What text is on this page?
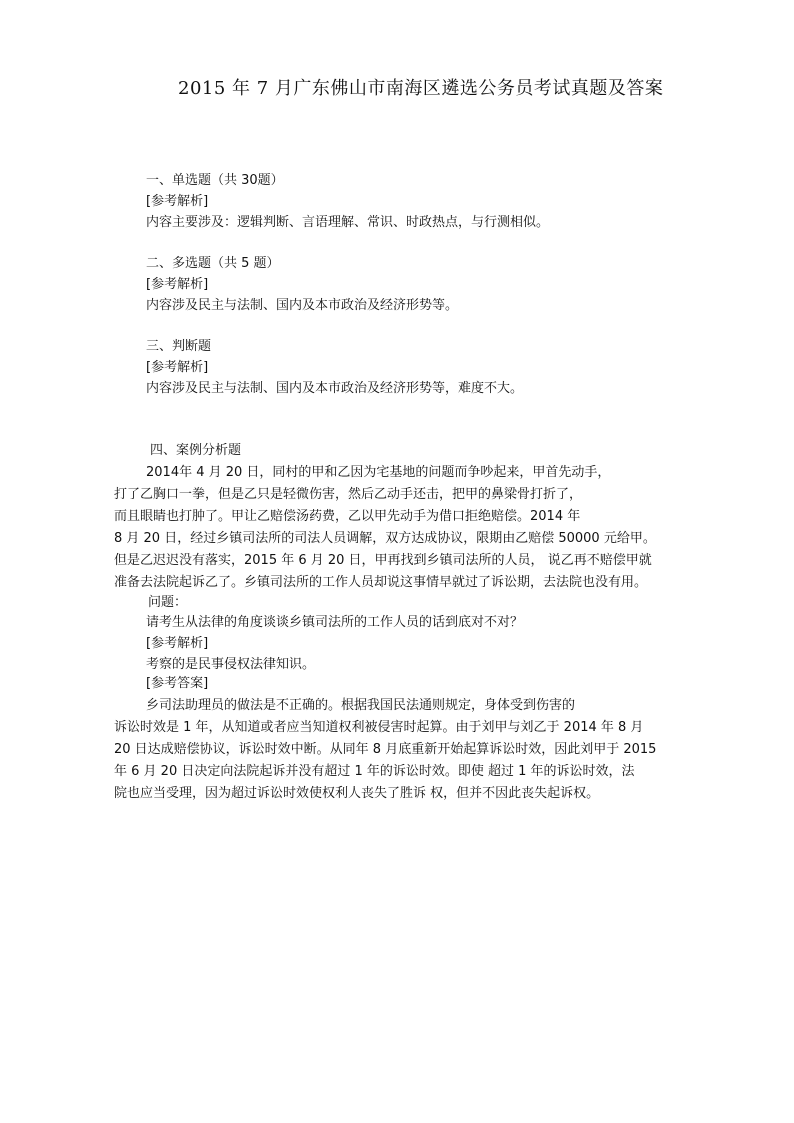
2015 年 7 月广东佛山市南海区遴选公务员考试真题及答案
一、单选题（共 30题）
[参考解析]
内容主要涉及：逻辑判断、言语理解、常识、时政热点，与行测相似。
二、多选题（共 5 题）
[参考解析]
内容涉及民主与法制、国内及本市政治及经济形势等。
三、判断题
[参考解析]
内容涉及民主与法制、国内及本市政治及经济形势等，难度不大。
四、案例分析题
2014年 4 月 20 日，同村的甲和乙因为宅基地的问题而争吵起来，甲首先动手，
打了乙胸口一拳，但是乙只是轻微伤害，然后乙动手还击，把甲的鼻梁骨打折了，
而且眼睛也打肿了。甲让乙赔偿汤药费，乙以甲先动手为借口拒绝赔偿。2014 年
8 月 20 日，经过乡镇司法所的司法人员调解，双方达成协议，限期由乙赔偿 50000 元给甲。
但是乙迟迟没有落实，2015 年 6 月 20 日，甲再找到乡镇司法所的人员， 说乙再不赔偿甲就
准备去法院起诉乙了。乡镇司法所的工作人员却说这事情早就过了诉讼期，去法院也没有用。
问题：
请考生从法律的角度谈谈乡镇司法所的工作人员的话到底对不对？
[参考解析]
考察的是民事侵权法律知识。
[参考答案]
乡司法助理员的做法是不正确的。根据我国民法通则规定，身体受到伤害的
诉讼时效是 1 年，从知道或者应当知道权利被侵害时起算。由于刘甲与刘乙于 2014 年 8 月
20 日达成赔偿协议，诉讼时效中断。从同年 8 月底重新开始起算诉讼时效，因此刘甲于 2015
年 6 月 20 日决定向法院起诉并没有超过 1 年的诉讼时效。即使 超过 1 年的诉讼时效，法
院也应当受理，因为超过诉讼时效使权利人丧失了胜诉 权，但并不因此丧失起诉权。
